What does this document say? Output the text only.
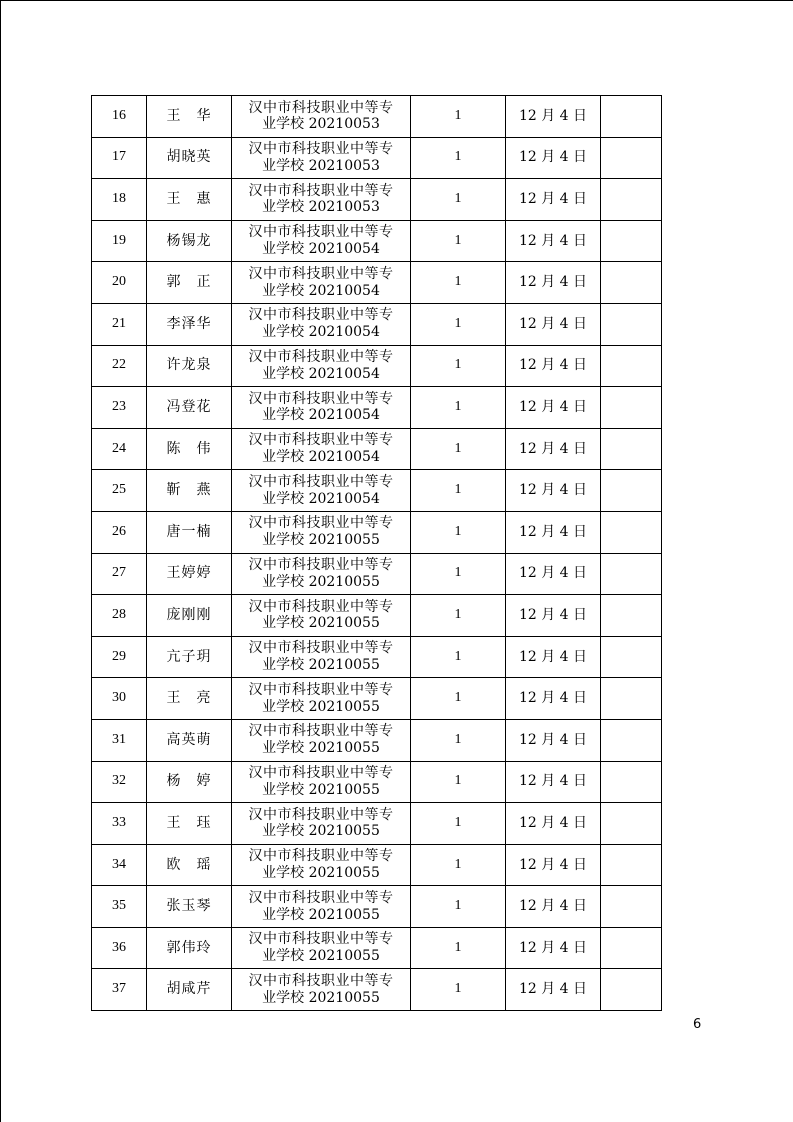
16	王　华	汉中市科技职业中等专
业学校 20210053	1	12 月 4 日	
17	胡晓英	汉中市科技职业中等专
业学校 20210053	1	12 月 4 日	
18	王　惠	汉中市科技职业中等专
业学校 20210053	1	12 月 4 日	
19	杨锡龙	汉中市科技职业中等专
业学校 20210054	1	12 月 4 日	
20	郭　正	汉中市科技职业中等专
业学校 20210054	1	12 月 4 日	
21	李泽华	汉中市科技职业中等专
业学校 20210054	1	12 月 4 日	
22	许龙泉	汉中市科技职业中等专
业学校 20210054	1	12 月 4 日	
23	冯登花	汉中市科技职业中等专
业学校 20210054	1	12 月 4 日	
24	陈　伟	汉中市科技职业中等专
业学校 20210054	1	12 月 4 日	
25	靳　燕	汉中市科技职业中等专
业学校 20210054	1	12 月 4 日	
26	唐一楠	汉中市科技职业中等专
业学校 20210055	1	12 月 4 日	
27	王婷婷	汉中市科技职业中等专
业学校 20210055	1	12 月 4 日	
28	庞刚刚	汉中市科技职业中等专
业学校 20210055	1	12 月 4 日	
29	亢子玥	汉中市科技职业中等专
业学校 20210055	1	12 月 4 日	
30	王　亮	汉中市科技职业中等专
业学校 20210055	1	12 月 4 日	
31	高英萌	汉中市科技职业中等专
业学校 20210055	1	12 月 4 日	
32	杨　婷	汉中市科技职业中等专
业学校 20210055	1	12 月 4 日	
33	王　珏	汉中市科技职业中等专
业学校 20210055	1	12 月 4 日	
34	欧　瑶	汉中市科技职业中等专
业学校 20210055	1	12 月 4 日	
35	张玉琴	汉中市科技职业中等专
业学校 20210055	1	12 月 4 日	
36	郭伟玲	汉中市科技职业中等专
业学校 20210055	1	12 月 4 日	
37	胡咸芹	汉中市科技职业中等专
业学校 20210055	1	12 月 4 日	
6
